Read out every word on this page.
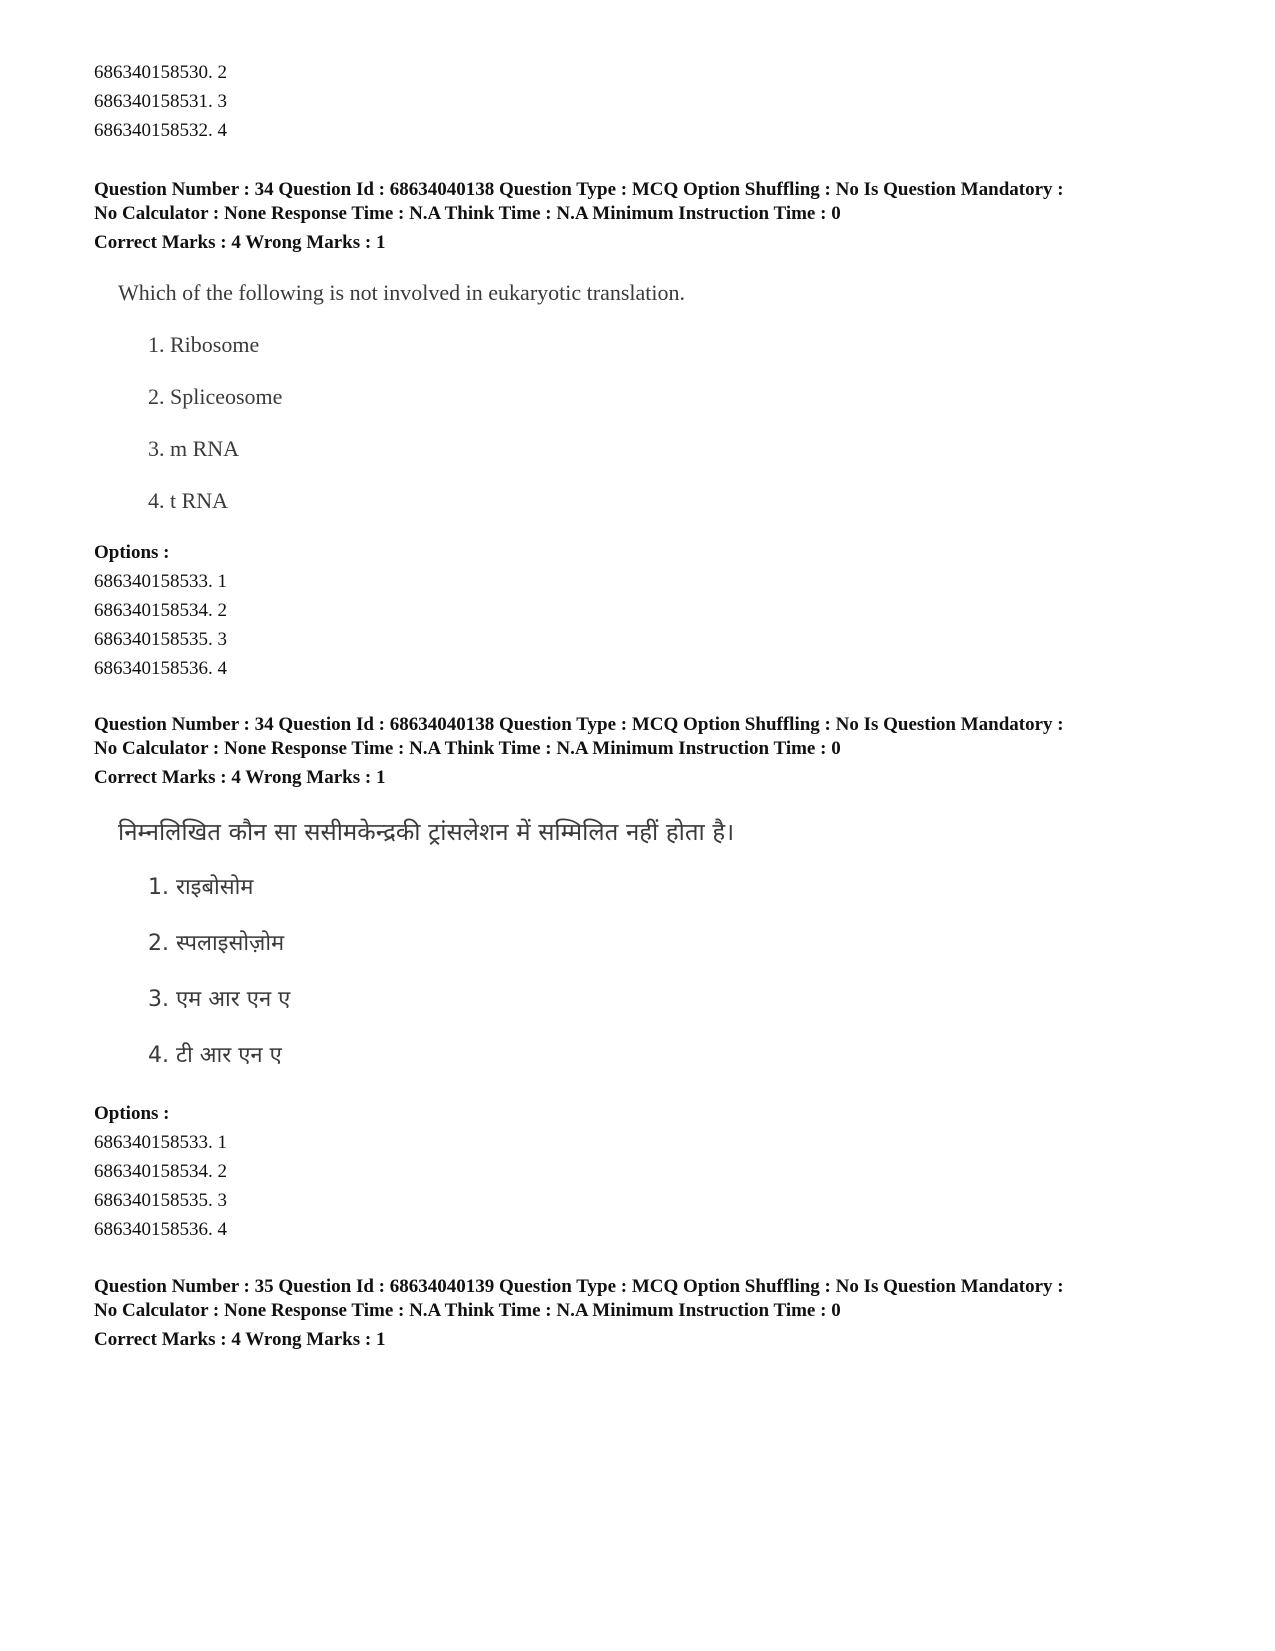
686340158530. 2
686340158531. 3
686340158532. 4
Question Number : 34 Question Id : 68634040138 Question Type : MCQ Option Shuffling : No Is Question Mandatory :
No Calculator : None Response Time : N.A Think Time : N.A Minimum Instruction Time : 0
Correct Marks : 4 Wrong Marks : 1
Which of the following is not involved in eukaryotic translation.
1. Ribosome
2. Spliceosome
3. m RNA
4. t RNA
Options :
686340158533. 1
686340158534. 2
686340158535. 3
686340158536. 4
Question Number : 34 Question Id : 68634040138 Question Type : MCQ Option Shuffling : No Is Question Mandatory :
No Calculator : None Response Time : N.A Think Time : N.A Minimum Instruction Time : 0
Correct Marks : 4 Wrong Marks : 1
निम्नलिखित कौन सा ससीमकेन्द्रकी ट्रांसलेशन में सम्मिलित नहीं होता है।
1. राइबोसोम
2. स्पलाइसोज़ोम
3. एम आर एन ए
4. टी आर एन ए
Options :
686340158533. 1
686340158534. 2
686340158535. 3
686340158536. 4
Question Number : 35 Question Id : 68634040139 Question Type : MCQ Option Shuffling : No Is Question Mandatory :
No Calculator : None Response Time : N.A Think Time : N.A Minimum Instruction Time : 0
Correct Marks : 4 Wrong Marks : 1
